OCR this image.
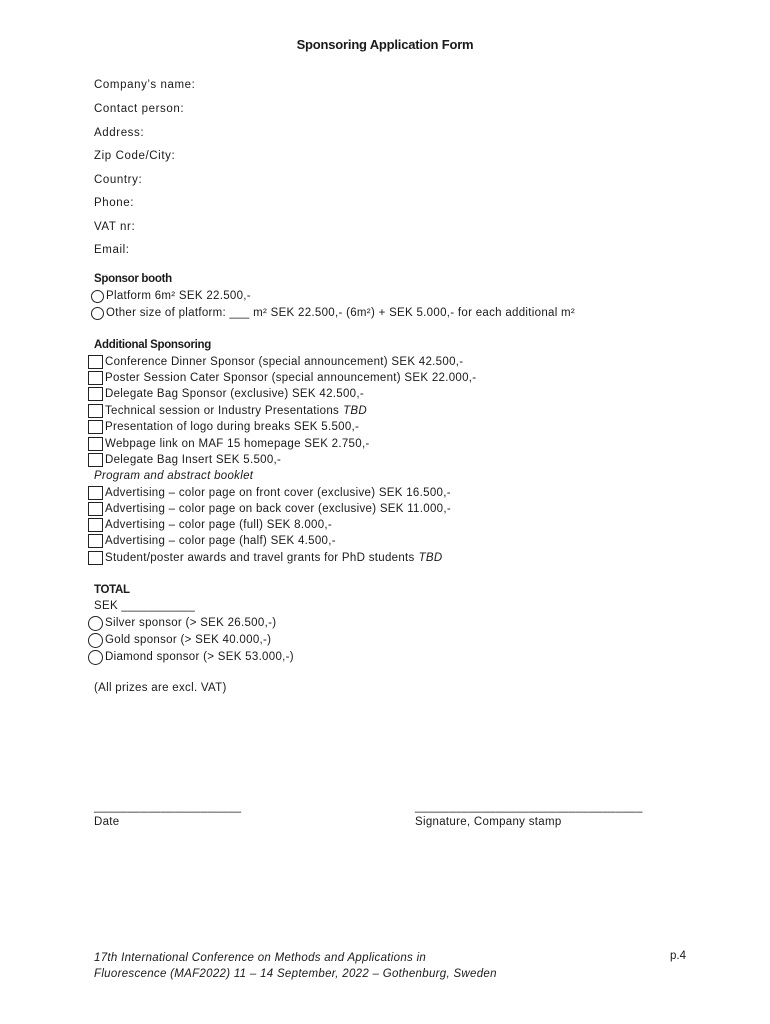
Sponsoring Application Form
Company’s name:
Contact person:
Address:
Zip Code/City:
Country:
Phone:
VAT nr:
Email:
Sponsor booth
Platform 6m² SEK 22.500,-
Other size of platform: ___ m² SEK 22.500,- (6m²) + SEK 5.000,- for each additional m²
Additional Sponsoring
Conference Dinner Sponsor (special announcement) SEK 42.500,-
Poster Session Cater Sponsor (special announcement) SEK 22.000,-
Delegate Bag Sponsor (exclusive) SEK 42.500,-
Technical session or Industry Presentations TBD
Presentation of logo during breaks SEK 5.500,-
Webpage link on MAF 15 homepage SEK 2.750,-
Delegate Bag Insert SEK 5.500,-
Program and abstract booklet
Advertising – color page on front cover (exclusive) SEK 16.500,-
Advertising – color page on back cover (exclusive) SEK 11.000,-
Advertising – color page (full) SEK 8.000,-
Advertising – color page (half) SEK 4.500,-
Student/poster awards and travel grants for PhD students TBD
TOTAL
SEK ___________
Silver sponsor (> SEK 26.500,-)
Gold sponsor (> SEK 40.000,-)
Diamond sponsor (> SEK 53.000,-)
(All prizes are excl. VAT)
______________________
Date
__________________________________
Signature, Company stamp
17th International Conference on Methods and Applications in
Fluorescence (MAF2022) 11 – 14 September, 2022 – Gothenburg, Sweden
p.4
